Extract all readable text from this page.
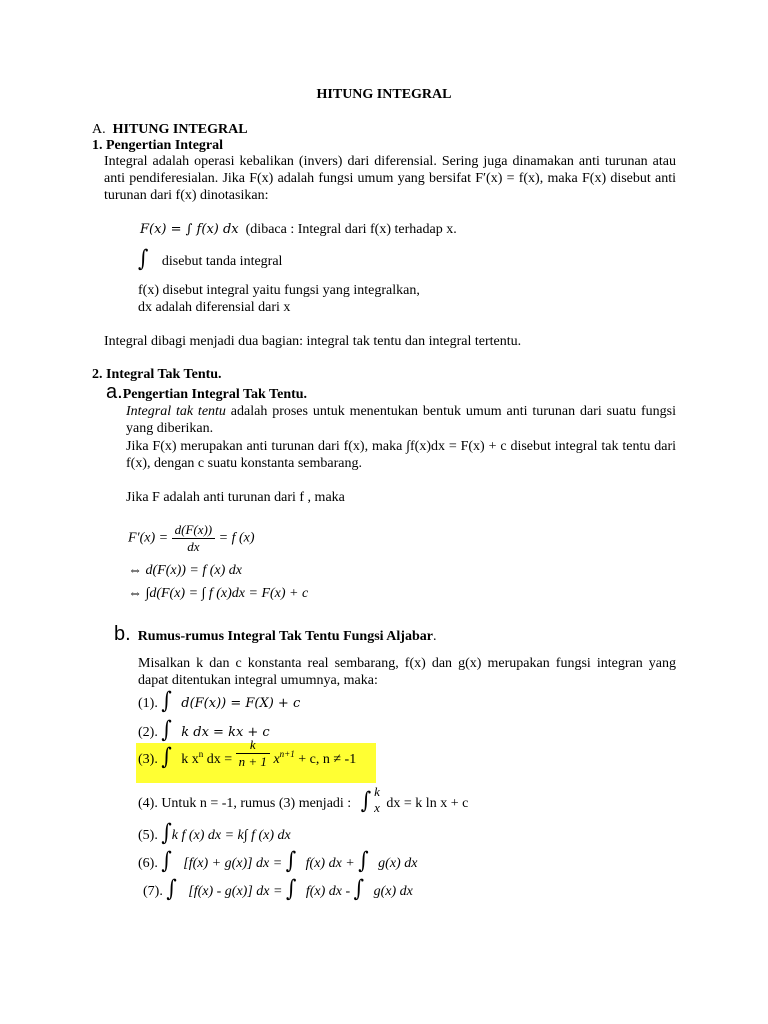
HITUNG INTEGRAL
A. HITUNG INTEGRAL
1. Pengertian Integral
Integral adalah operasi kebalikan (invers) dari diferensial. Sering juga dinamakan anti turunan atau anti pendiferesialan. Jika F(x) adalah fungsi umum yang bersifat F′(x) = f(x), maka F(x) disebut anti turunan dari f(x) dinotasikan:
F(x) = ∫ f(x) dx (dibaca : Integral dari f(x) terhadap x.
∫ disebut tanda integral
f(x) disebut integral yaitu fungsi yang integralkan,
dx adalah diferensial dari x
Integral dibagi menjadi dua bagian: integral tak tentu dan integral tertentu.
2. Integral Tak Tentu.
a.Pengertian Integral Tak Tentu.
Integral tak tentu adalah proses untuk menentukan bentuk umum anti turunan dari suatu fungsi yang diberikan.
Jika F(x) merupakan anti turunan dari f(x), maka ∫f(x)dx = F(x) + c disebut integral tak tentu dari f(x), dengan c suatu konstanta sembarang.
Jika F adalah anti turunan dari f , maka
$F'(x) = \frac{d(F(x))}{dx} = f$ (x)
⇔ d(F(x)) = f (x) dx
⇔ ∫d(F(x) = ∫ f (x)dx = F(x) + c
b. Rumus-rumus Integral Tak Tentu Fungsi Aljabar.
Misalkan k dan c konstanta real sembarang, f(x) dan g(x) merupakan fungsi integran yang dapat ditentukan integral umumnya, maka:
(1). ∫ d(F(x)) = F(X) + c
(2). ∫ k dx = kx + c
(3). ∫ k $x^n$ dx = $\frac{k}{n + 1} x^{n+1} + c$, n ≠ -1
(4). Untuk n = -1, rumus (3) menjadi : ∫ k
x dx = k ln x + c
(5). ∫k f (x) dx = k∫ f (x) dx
(6). ∫ [f(x) + g(x)] dx = ∫ f(x) dx + ∫ g(x) dx
(7). ∫ [f(x) - g(x)] dx = ∫ f(x) dx - ∫ g(x) dx
